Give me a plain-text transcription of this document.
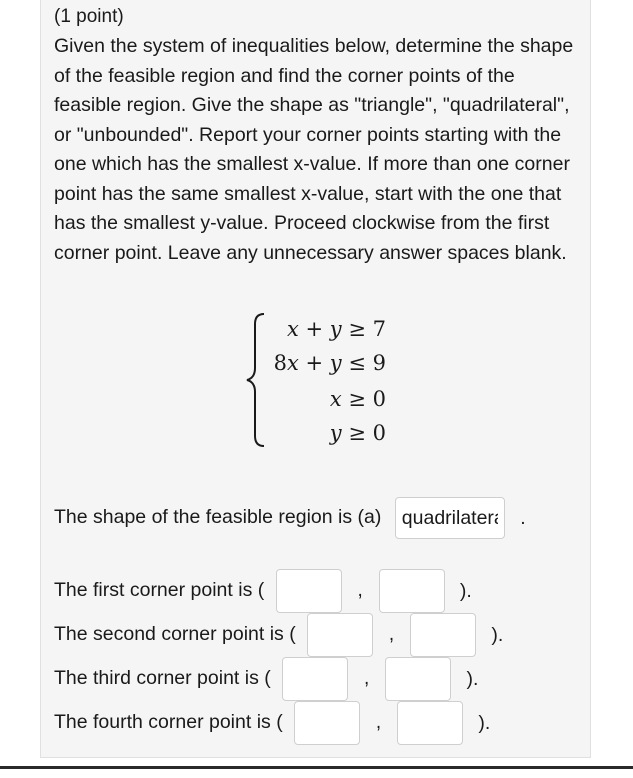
(1 point)

Given the system of inequalities below, determine the shape of the feasible region and find the corner points of the feasible region. Give the shape as "triangle", "quadrilateral", or "unbounded". Report your corner points starting with the one which has the smallest x-value. If more than one corner point has the same smallest x-value, start with the one that has the smallest y-value. Proceed clockwise from the first corner point. Leave any unnecessary answer spaces blank.

x + y ≥ 7
8x + y ≤ 9
x ≥ 0
y ≥ 0
The shape of the feasible region is (a) quadrilateral	.
The first corner point is (	,	).
The second corner point is (	,	).
The third corner point is (	,	).
The fourth corner point is (	,	).
